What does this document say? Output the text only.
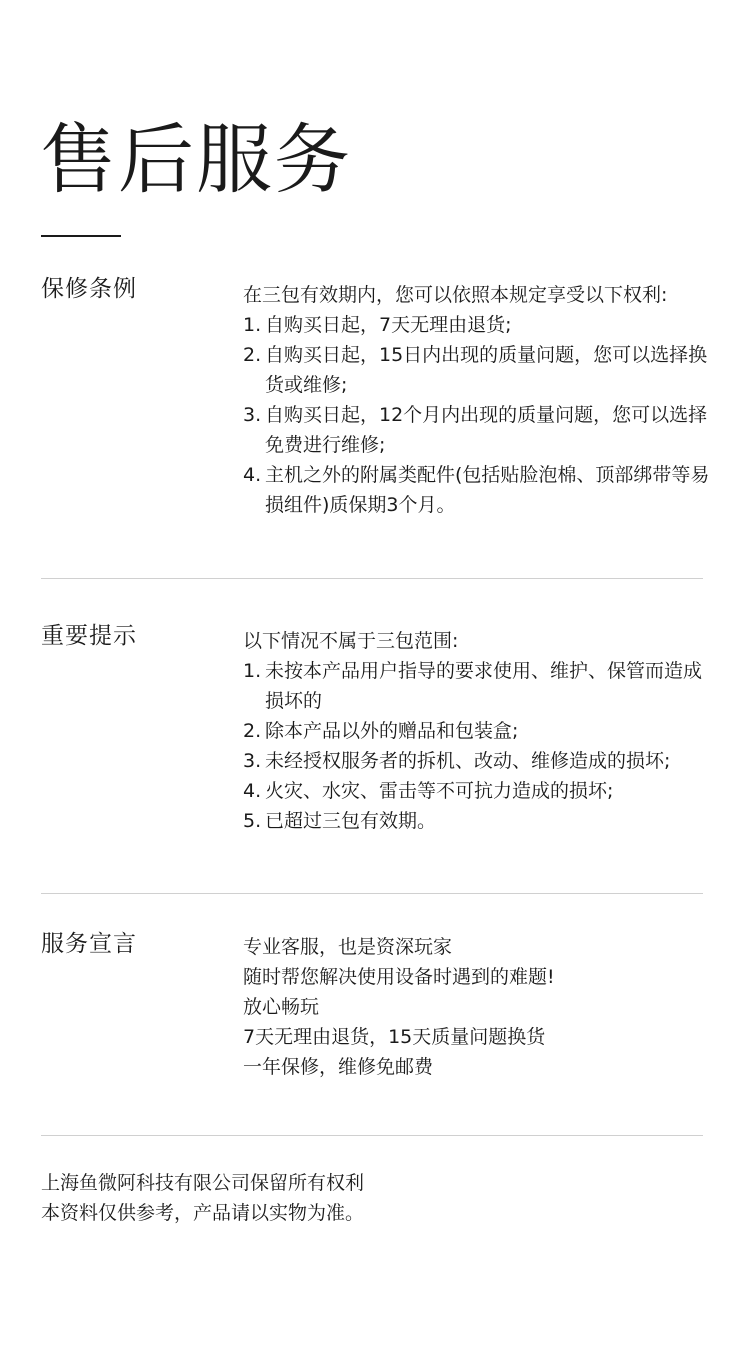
售后服务
保修条例	在三包有效期内，您可以依照本规定享受以下权利:

1. 自购买日起，7天无理由退货;
2. 自购买日起，15日内出现的质量问题，您可以选择换货或维修;
3. 自购买日起，12个月内出现的质量问题，您可以选择免费进行维修;
4. 主机之外的附属类配件(包括贴脸泡棉、顶部绑带等易损组件)质保期3个月。
重要提示	以下情况不属于三包范围:

1. 未按本产品用户指导的要求使用、维护、保管而造成损坏的
2. 除本产品以外的赠品和包装盒;
3. 未经授权服务者的拆机、改动、维修造成的损坏;
4. 火灾、水灾、雷击等不可抗力造成的损坏;
5. 已超过三包有效期。
服务宣言	专业客服，也是资深玩家

随时帮您解决使用设备时遇到的难题!

放心畅玩

7天无理由退货，15天质量问题换货

一年保修，维修免邮费

上海鱼微阿科技有限公司保留所有权利

本资料仅供参考，产品请以实物为准。
